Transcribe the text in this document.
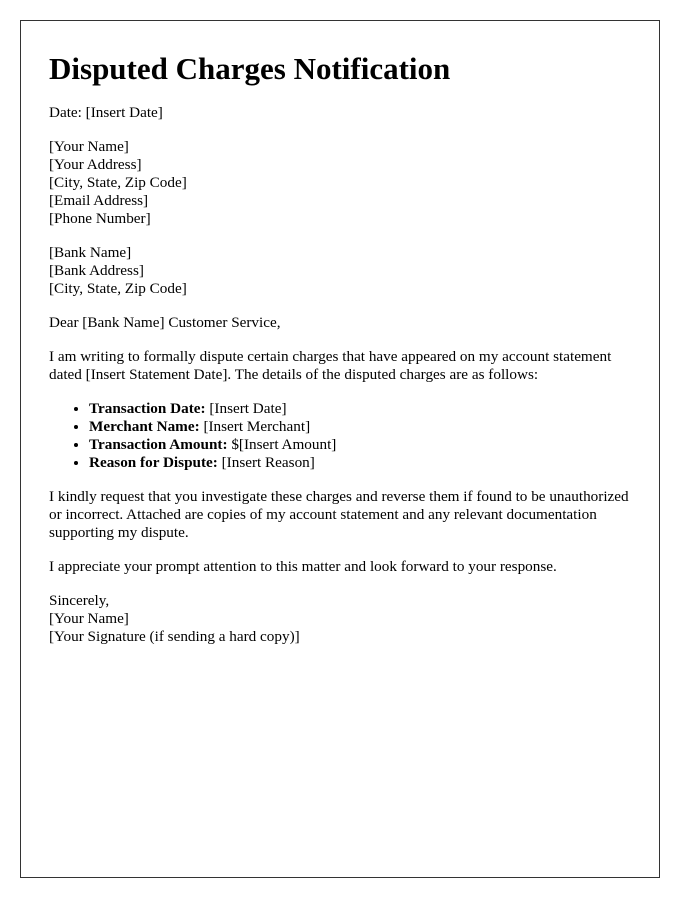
Disputed Charges Notification

Date: [Insert Date]

[Your Name]
[Your Address]
[City, State, Zip Code]
[Email Address]
[Phone Number]
[Bank Name]
[Bank Address]
[City, State, Zip Code]

Dear [Bank Name] Customer Service,

I am writing to formally dispute certain charges that have appeared on my account statement dated [Insert Statement Date]. The details of the disputed charges are as follows:

• Transaction Date: [Insert Date]
• Merchant Name: [Insert Merchant]
• Transaction Amount: $[Insert Amount]
• Reason for Dispute: [Insert Reason]

I kindly request that you investigate these charges and reverse them if found to be unauthorized or incorrect. Attached are copies of my account statement and any relevant documentation supporting my dispute.

I appreciate your prompt attention to this matter and look forward to your response.

Sincerely,
[Your Name]
[Your Signature (if sending a hard copy)]
